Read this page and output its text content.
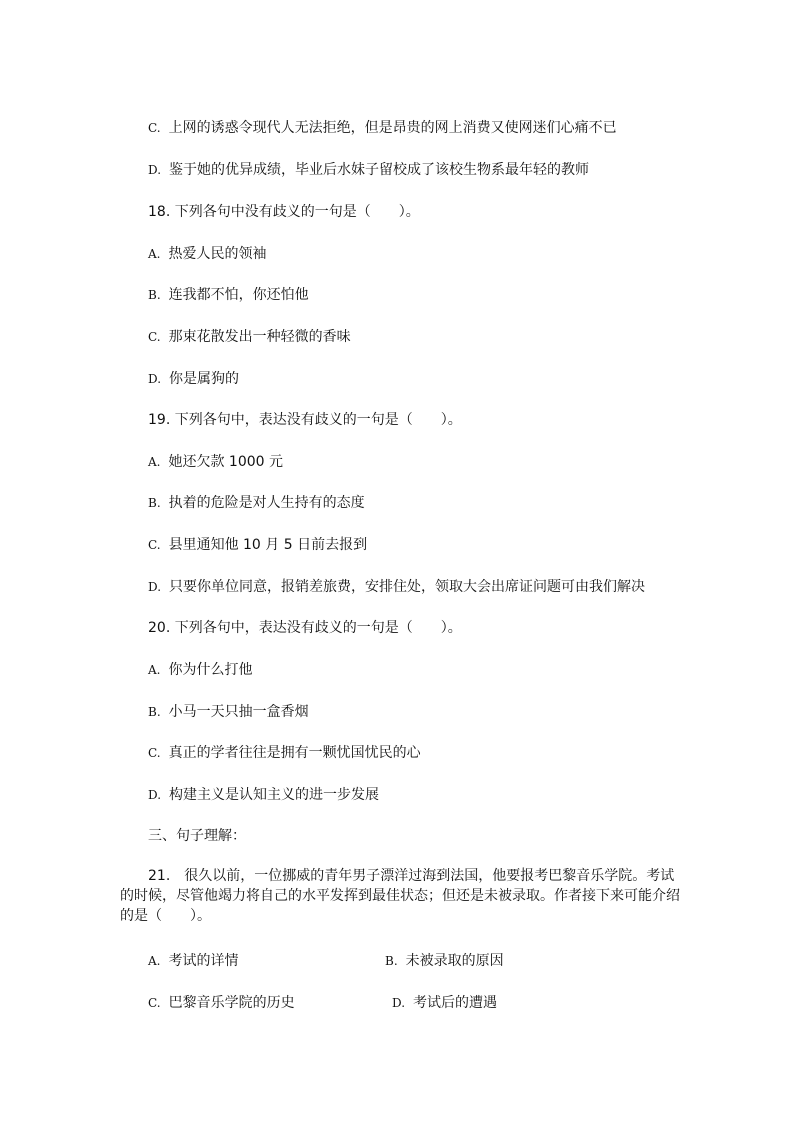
C. 上网的诱惑令现代人无法拒绝，但是昂贵的网上消费又使网迷们心痛不已
D. 鉴于她的优异成绩，毕业后水妹子留校成了该校生物系最年轻的教师
18. 下列各句中没有歧义的一句是（　　）。
A. 热爱人民的领袖
B. 连我都不怕，你还怕他
C. 那束花散发出一种轻微的香味
D. 你是属狗的
19. 下列各句中，表达没有歧义的一句是（　　）。
A. 她还欠款 1000 元
B. 执着的危险是对人生持有的态度
C. 县里通知他 10 月 5 日前去报到
D. 只要你单位同意，报销差旅费，安排住处，领取大会出席证问题可由我们解决
20. 下列各句中，表达没有歧义的一句是（　　）。
A. 你为什么打他
B. 小马一天只抽一盒香烟
C. 真正的学者往往是拥有一颗忧国忧民的心
D. 构建主义是认知主义的进一步发展
三、句子理解：
21.　很久以前，一位挪威的青年男子漂洋过海到法国，他要报考巴黎音乐学院。考试的时候，尽管他竭力将自己的水平发挥到最佳状态；但还是未被录取。作者接下来可能介绍的是（　　）。
A. 考试的详情	B. 未被录取的原因
C. 巴黎音乐学院的历史	D. 考试后的遭遇
